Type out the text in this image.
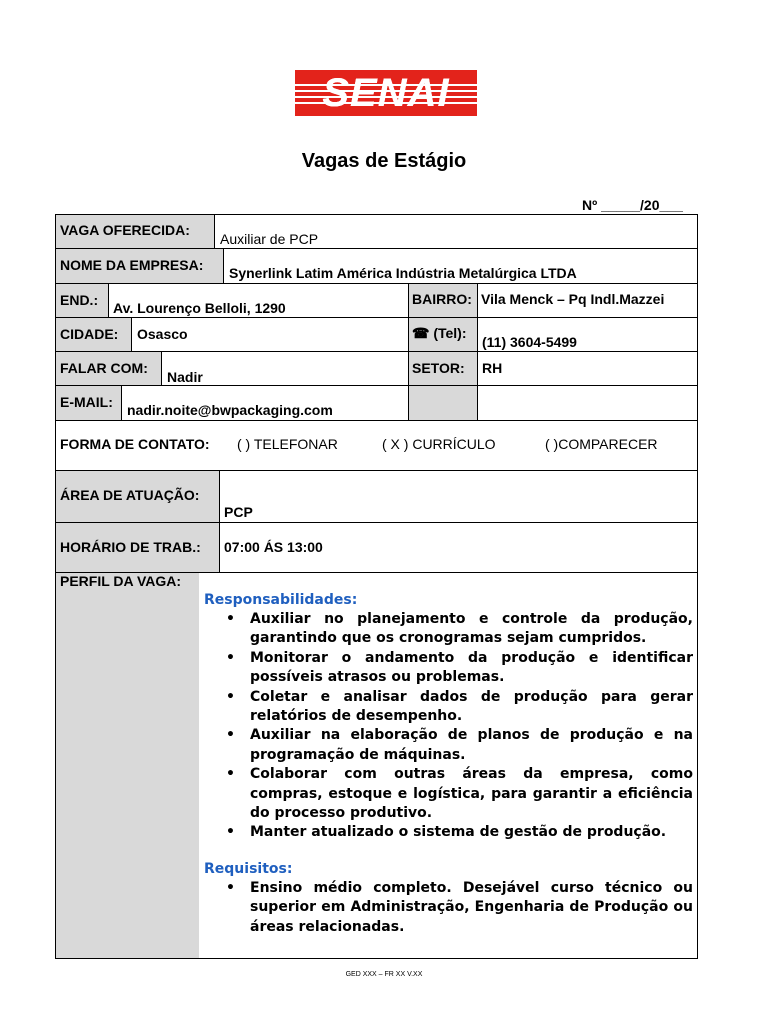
SENAI
Vagas de Estágio
Nº _____/20___
VAGA OFERECIDA:
Auxiliar de PCP
NOME DA EMPRESA: Synerlink Latim América Indústria Metalúrgica LTDA
END.: Av. Lourenço Belloli, 1290
BAIRRO: Vila Menck – Pq Indl.Mazzei
CIDADE: Osasco	☎ (Tel):
(11) 3604-5499
FALAR COM:
Nadir
SETOR: RH
E-MAIL: nadir.noite@bwpackaging.com
FORMA DE CONTATO: ( ) TELEFONAR	( X ) CURRÍCULO	( )COMPARECER
ÁREA DE ATUAÇÃO:
PCP
HORÁRIO DE TRAB.: 07:00 ÁS 13:00
PERFIL DA VAGA:

Responsabilidades:

• Auxiliar no planejamento e controle da produção, garantindo que os cronogramas sejam cumpridos.
• Monitorar o andamento da produção e identificar possíveis atrasos ou problemas.
• Coletar e analisar dados de produção para gerar relatórios de desempenho.
• Auxiliar na elaboração de planos de produção e na programação de máquinas.
• Colaborar com outras áreas da empresa, como compras, estoque e logística, para garantir a eficiência do processo produtivo.
• Manter atualizado o sistema de gestão de produção.

Requisitos:

• Ensino médio completo. Desejável curso técnico ou superior em Administração, Engenharia de Produção ou áreas relacionadas.
GED XXX – FR XX V.XX
